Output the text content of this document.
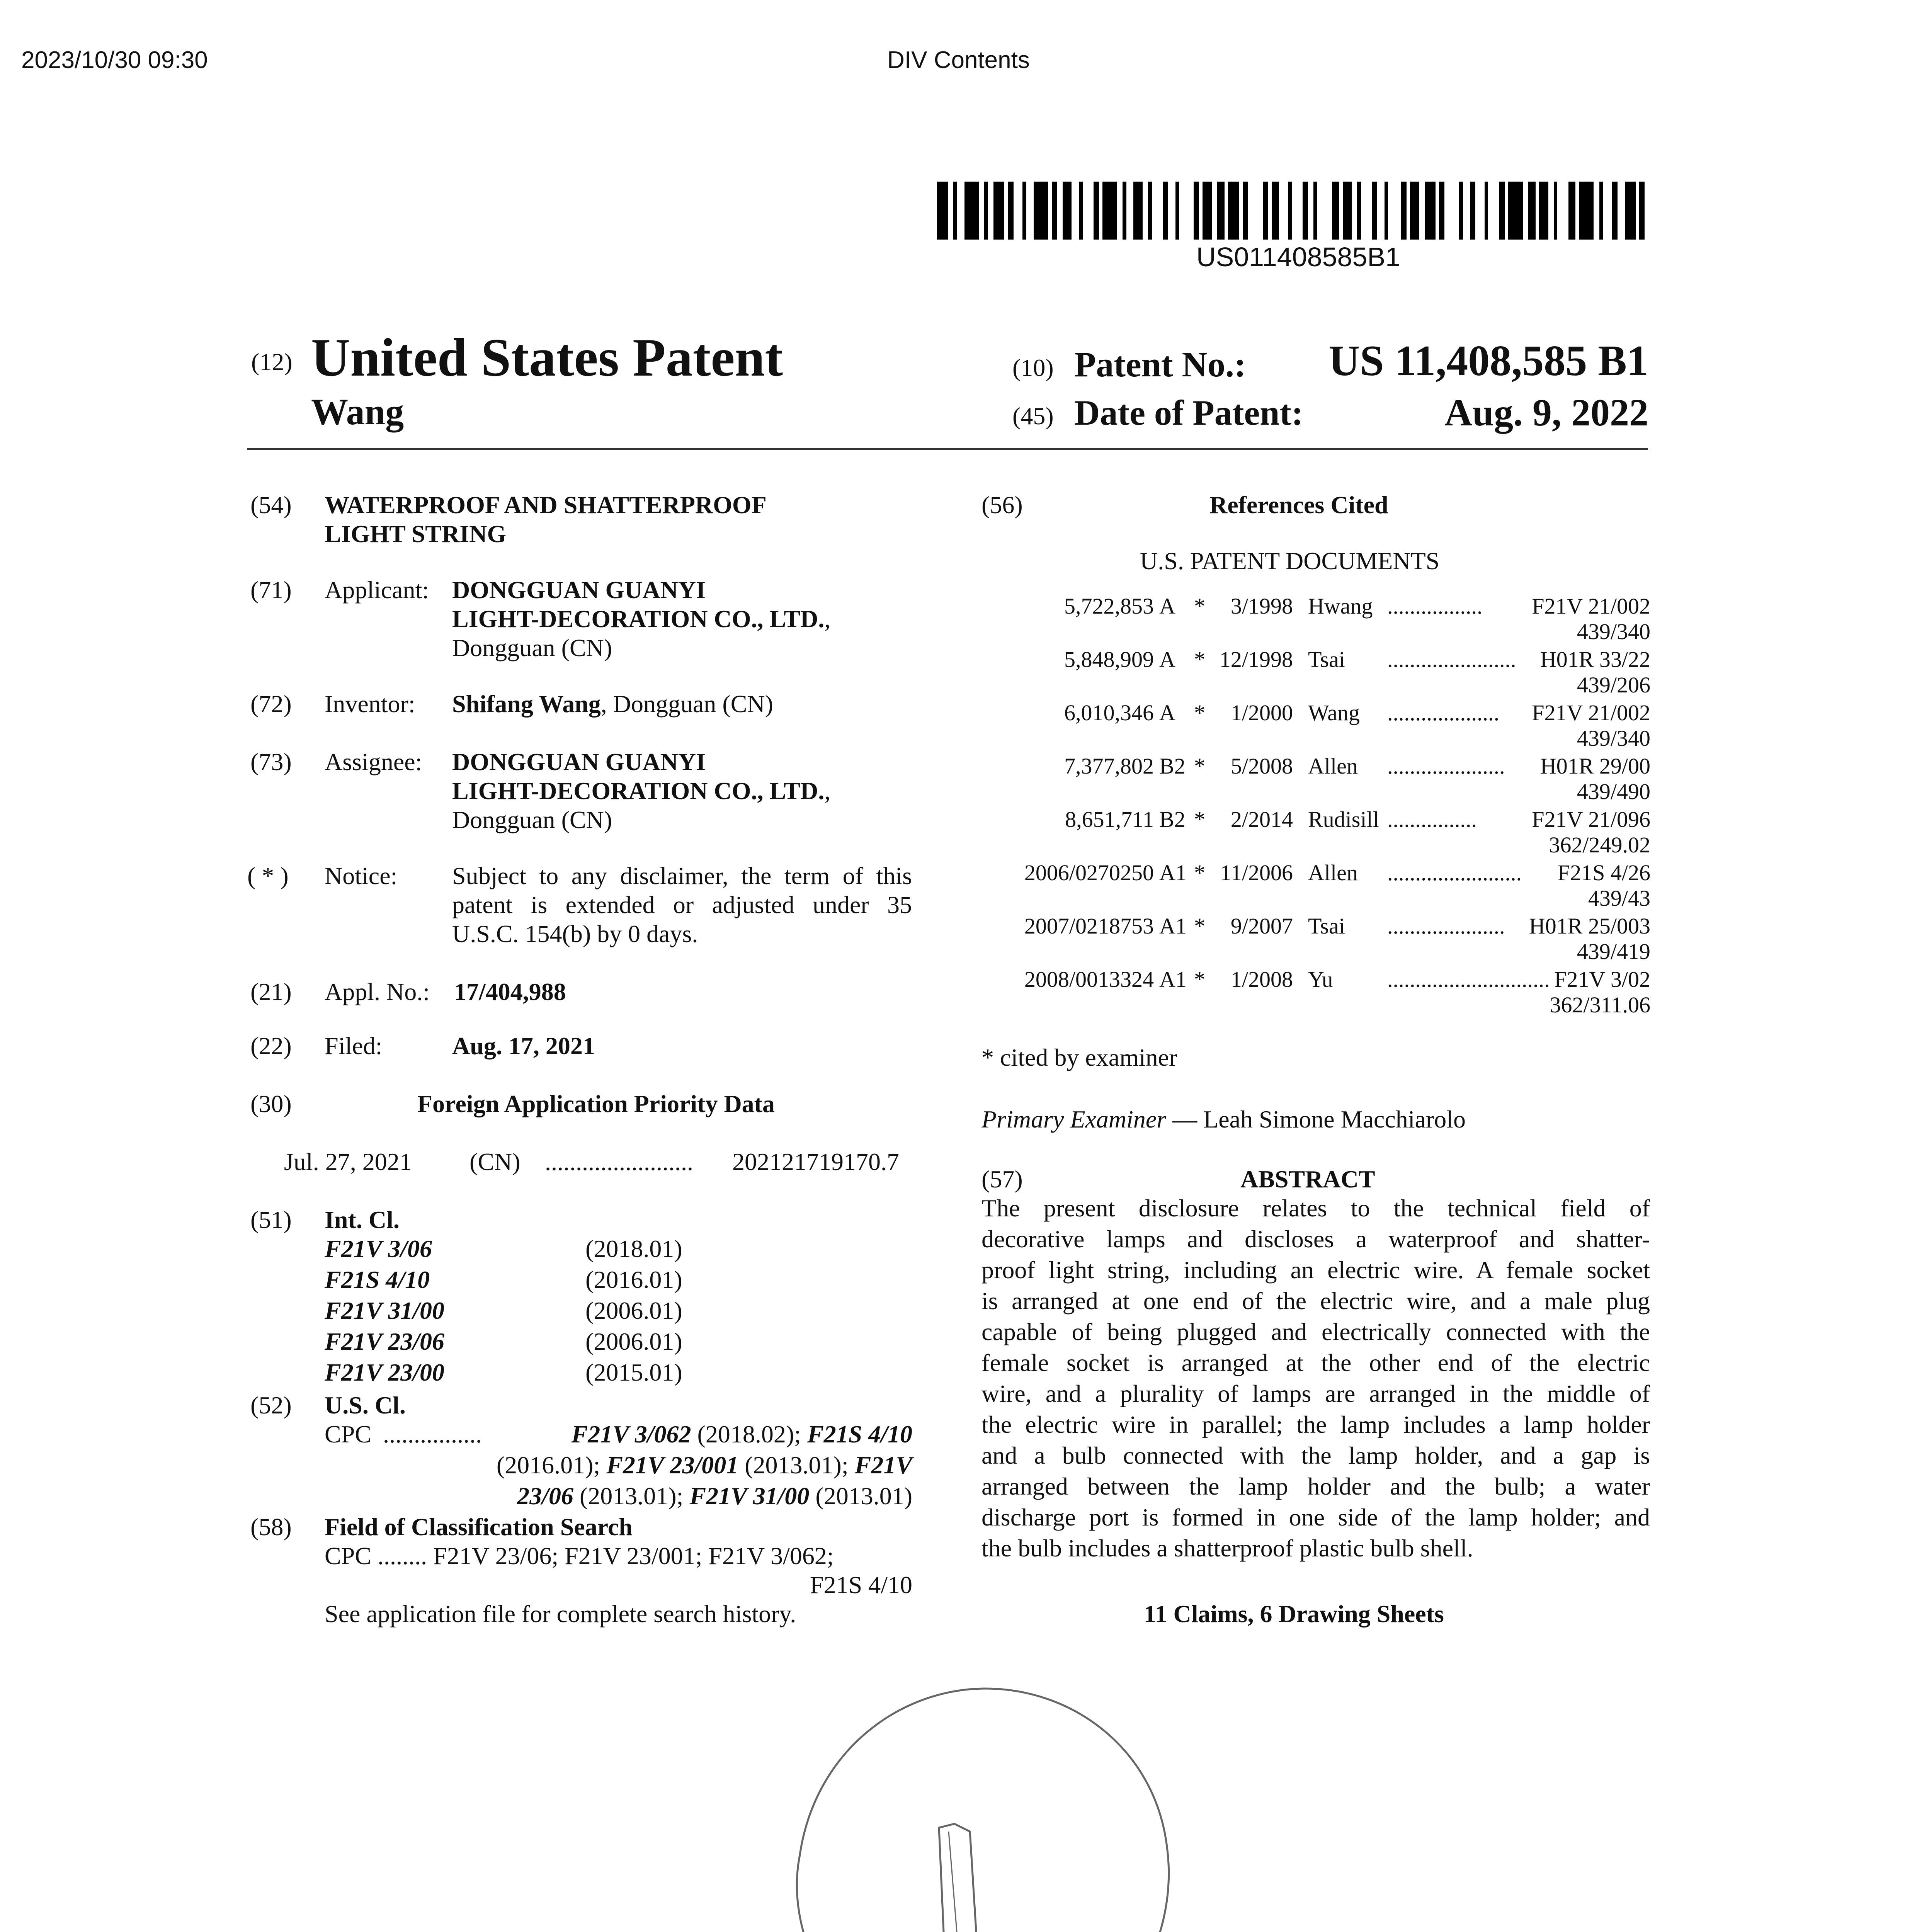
2023/10/30 09:30	DIV Contents
US011408585B1
(12) United States Patent
Wang
(10) Patent No.: US 11,408,585 B1
(45) Date of Patent:	Aug. 9, 2022
(54) WATERPROOF AND SHATTERPROOF
LIGHT STRING
(71) Applicant: DONGGUAN GUANYI
LIGHT-DECORATION CO., LTD.,
Dongguan (CN)
(72) Inventor: Shifang Wang, Dongguan (CN)
(73) Assignee: DONGGUAN GUANYI
LIGHT-DECORATION CO., LTD.,
Dongguan (CN)
( * ) Notice: Subject to any disclaimer, the term of this
patent is extended or adjusted under 35
U.S.C. 154(b) by 0 days.
(21) Appl. No.: 17/404,988
(22) Filed:	Aug. 17, 2021
(30)	Foreign Application Priority Data
Jul. 27, 2021 (CN) ........................ 202121719170.7
(51) Int. Cl.
F21V 3/06	(2018.01)
F21S 4/10	(2016.01)
F21V 31/00	(2006.01)
F21V 23/06	(2006.01)
F21V 23/00	(2015.01)
(52) U.S. Cl.
CPC ................	F21V 3/062 (2018.02); F21S 4/10
(2016.01); F21V 23/001 (2013.01); F21V
23/06 (2013.01); F21V 31/00 (2013.01)
(58) Field of Classification Search
CPC ........ F21V 23/06; F21V 23/001; F21V 3/062;
F21S 4/10
See application file for complete search history.
(56)	References Cited
U.S. PATENT DOCUMENTS
5,722,853 A * 3/1998 Hwang ................. F21V 21/002
439/340
5,848,909 A * 12/1998 Tsai ....................... H01R 33/22
439/206
6,010,346 A * 1/2000 Wang .................... F21V 21/002
439/340
7,377,802 B2 * 5/2008 Allen ..................... H01R 29/00
439/490
8,651,711 B2 * 2/2014 Rudisill ................ F21V 21/096
362/249.02
2006/0270250 A1 * 11/2006 Allen ........................ F21S 4/26
439/43
2007/0218753 A1 * 9/2007 Tsai ..................... H01R 25/003
439/419
2008/0013324 A1 * 1/2008 Yu ............................. F21V 3/02
362/311.06
* cited by examiner
Primary Examiner — Leah Simone Macchiarolo
(57)	ABSTRACT
The present disclosure relates to the technical field of
decorative lamps and discloses a waterproof and shatter-
proof light string, including an electric wire. A female socket
is arranged at one end of the electric wire, and a male plug
capable of being plugged and electrically connected with the
female socket is arranged at the other end of the electric
wire, and a plurality of lamps are arranged in the middle of
the electric wire in parallel; the lamp includes a lamp holder
and a bulb connected with the lamp holder, and a gap is
arranged between the lamp holder and the bulb; a water
discharge port is formed in one side of the lamp holder; and
the bulb includes a shatterproof plastic bulb shell.
11 Claims, 6 Drawing Sheets
